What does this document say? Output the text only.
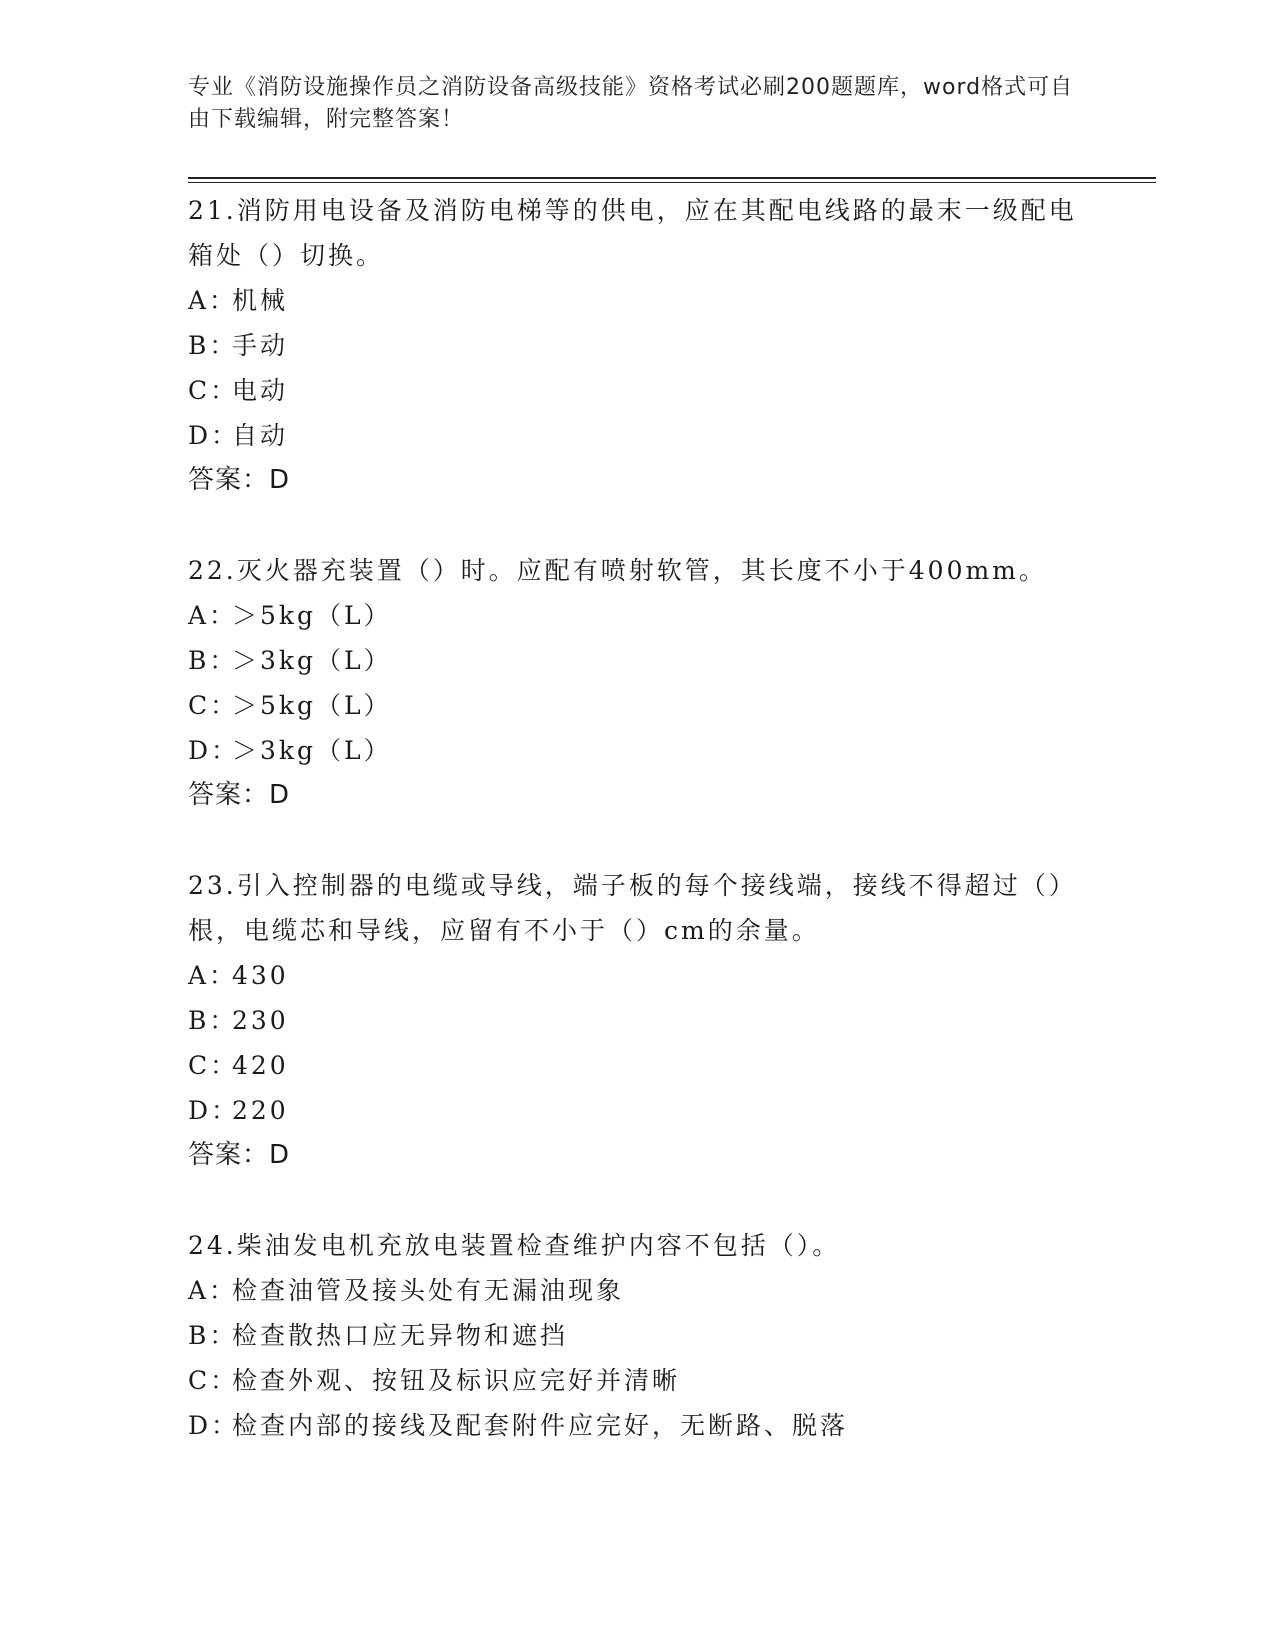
专业《消防设施操作员之消防设备高级技能》资格考试必刷200题题库，word格式可自由下载编辑，附完整答案！

21.消防用电设备及消防电梯等的供电，应在其配电线路的最末一级配电箱处（）切换。

A：机械
B：手动
C：电动
D：自动
答案：D

22.灭火器充装置（）时。应配有喷射软管，其长度不小于400mm。

A：＞5kg（L）
B：＞3kg（L）
C：＞5kg（L）
D：＞3kg（L）
答案：D

23.引入控制器的电缆或导线，端子板的每个接线端，接线不得超过（）根，电缆芯和导线，应留有不小于（）cm的余量。

A：430
B：230
C：420
D：220
答案：D

24.柴油发电机充放电装置检查维护内容不包括（）。

A：检查油管及接头处有无漏油现象
B：检查散热口应无异物和遮挡
C：检查外观、按钮及标识应完好并清晰
D：检查内部的接线及配套附件应完好，无断路、脱落
